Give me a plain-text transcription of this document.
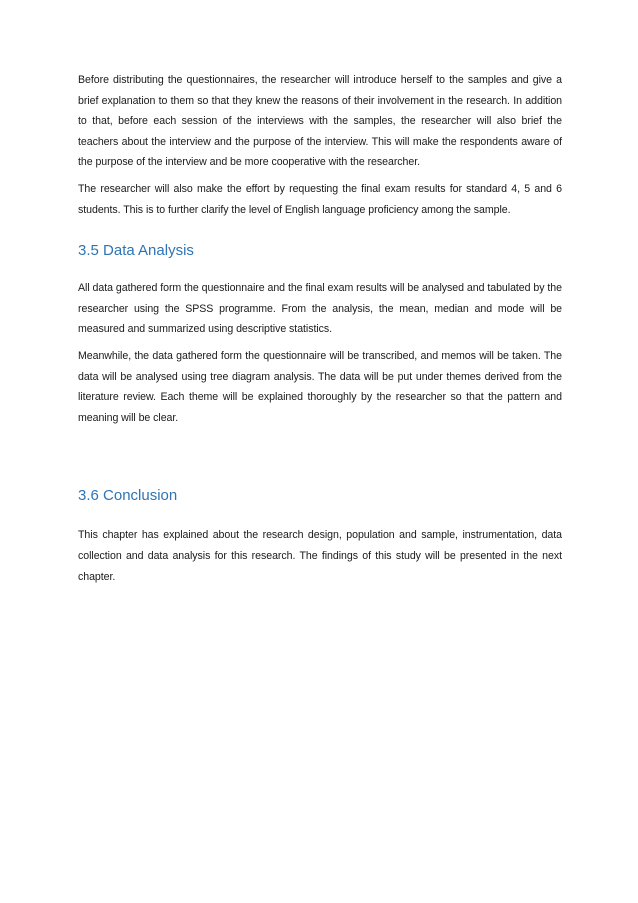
Before distributing the questionnaires, the researcher will introduce herself to the samples and give a brief explanation to them so that they knew the reasons of their involvement in the research. In addition to that, before each session of the interviews with the samples, the researcher will also brief the teachers about the interview and the purpose of the interview. This will make the respondents aware of the purpose of the interview and be more cooperative with the researcher.

The researcher will also make the effort by requesting the final exam results for standard 4, 5 and 6 students. This is to further clarify the level of English language proficiency among the sample.

3.5 Data Analysis

All data gathered form the questionnaire and the final exam results will be analysed and tabulated by the researcher using the SPSS programme. From the analysis, the mean, median and mode will be measured and summarized using descriptive statistics.

Meanwhile, the data gathered form the questionnaire will be transcribed, and memos will be taken. The data will be analysed using tree diagram analysis. The data will be put under themes derived from the literature review. Each theme will be explained thoroughly by the researcher so that the pattern and meaning will be clear.

3.6 Conclusion

This chapter has explained about the research design, population and sample, instrumentation, data collection and data analysis for this research. The findings of this study will be presented in the next chapter.
